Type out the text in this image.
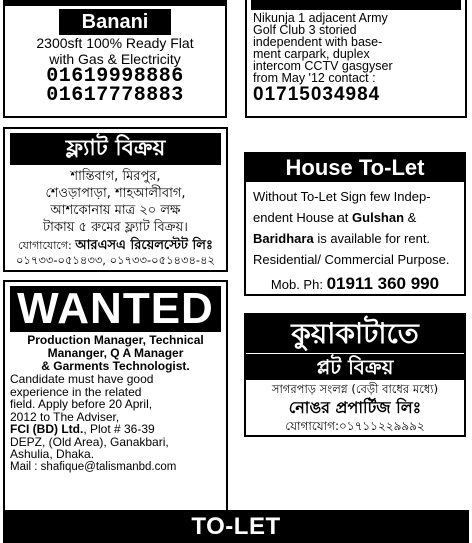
Banani
2300sft 100% Ready Flat
with Gas & Electricity
01619998886
01617778883
Nikunja 1 adjacent Army
Golf Club 3 storied
independent with base-
ment carpark, duplex
intercom CCTV gasgyser
from May '12 contact :
01715034984
ফ্ল্যাট বিক্রয়
শান্তিবাগ, মিরপুর,
শেওড়াপাড়া, শাহআলীবাগ,
আশকোনায় মাত্র ২০ লক্ষ
টাকায় ৫ রুমের ফ্ল্যাট বিক্রয়।
যোগাযোগে: আরএসএ রিয়েলস্টেট লিঃ
০১৭৩৩-০৫১৪৩৩, ০১৭৩৩-০৫১৪৩৪-৪২
House To-Let
Without To-Let Sign few Indep-endent House at Gulshan & Baridhara is available for rent. Residential/ Commercial Purpose.
Mob. Ph: 01911 360 990
WANTED
Production Manager, Technical
Mananger, Q A Manager
& Garments Technologist.
Candidate must have good
experience in the related
field. Apply before 20 April,
2012 to The Adviser,
FCI (BD) Ltd., Plot # 36-39
DEPZ, (Old Area), Ganakbari,
Ashulia, Dhaka.
Mail : shafique@talismanbd.com
কুয়াকাটাতে
প্লট বিক্রয়
সাগরপাড় সংলগ্ন (বেড়ী বাধের মধ্যে)
নোঙর প্রপার্টিজ লিঃ
যোগাযোগ:০১৭১১২২৯৯৯২
TO-LET
